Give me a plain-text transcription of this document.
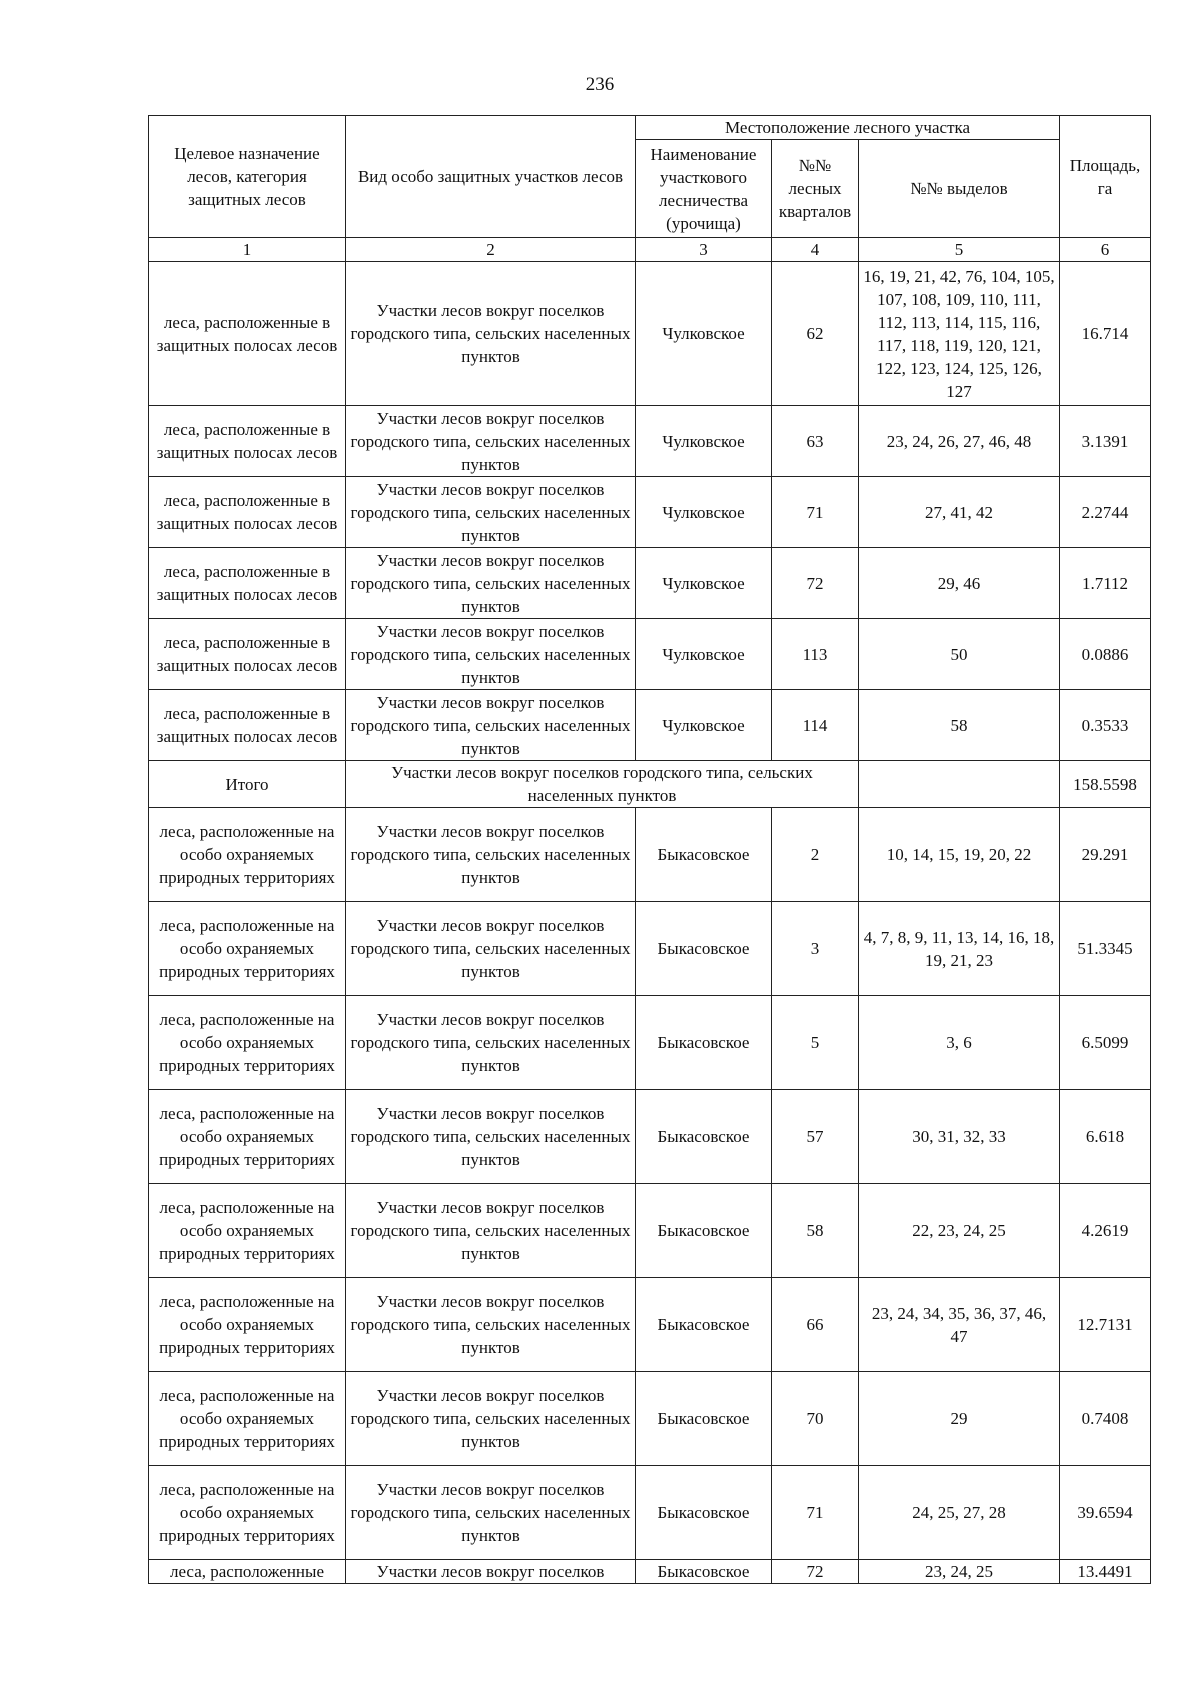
236
Целевое назначение лесов, категория защитных лесов	Вид особо защитных участков лесов	Местоположение лесного участка			Площадь, га
		Наименование участкового лесничества (урочища)	№№ лесных кварталов	№№ выделов	
1	2	3	4	5	6
леса, расположенные в защитных полосах лесов	Участки лесов вокруг поселков городского типа, сельских населенных пунктов	Чулковское	62	16, 19, 21, 42, 76, 104, 105, 107, 108, 109, 110, 111, 112, 113, 114, 115, 116, 117, 118, 119, 120, 121, 122, 123, 124, 125, 126, 127	16.714
леса, расположенные в защитных полосах лесов	Участки лесов вокруг поселков городского типа, сельских населенных пунктов	Чулковское	63	23, 24, 26, 27, 46, 48	3.1391
леса, расположенные в защитных полосах лесов	Участки лесов вокруг поселков городского типа, сельских населенных пунктов	Чулковское	71	27, 41, 42	2.2744
леса, расположенные в защитных полосах лесов	Участки лесов вокруг поселков городского типа, сельских населенных пунктов	Чулковское	72	29, 46	1.7112
леса, расположенные в защитных полосах лесов	Участки лесов вокруг поселков городского типа, сельских населенных пунктов	Чулковское	113	50	0.0886
леса, расположенные в защитных полосах лесов	Участки лесов вокруг поселков городского типа, сельских населенных пунктов	Чулковское	114	58	0.3533
Итого	Участки лесов вокруг поселков городского типа, сельских населенных пунктов				158.5598
леса, расположенные на особо охраняемых природных территориях	Участки лесов вокруг поселков городского типа, сельских населенных пунктов	Быкасовское	2	10, 14, 15, 19, 20, 22	29.291
леса, расположенные на особо охраняемых природных территориях	Участки лесов вокруг поселков городского типа, сельских населенных пунктов	Быкасовское	3	4, 7, 8, 9, 11, 13, 14, 16, 18, 19, 21, 23	51.3345
леса, расположенные на особо охраняемых природных территориях	Участки лесов вокруг поселков городского типа, сельских населенных пунктов	Быкасовское	5	3, 6	6.5099
леса, расположенные на особо охраняемых природных территориях	Участки лесов вокруг поселков городского типа, сельских населенных пунктов	Быкасовское	57	30, 31, 32, 33	6.618
леса, расположенные на особо охраняемых природных территориях	Участки лесов вокруг поселков городского типа, сельских населенных пунктов	Быкасовское	58	22, 23, 24, 25	4.2619
леса, расположенные на особо охраняемых природных территориях	Участки лесов вокруг поселков городского типа, сельских населенных пунктов	Быкасовское	66	23, 24, 34, 35, 36, 37, 46, 47	12.7131
леса, расположенные на особо охраняемых природных территориях	Участки лесов вокруг поселков городского типа, сельских населенных пунктов	Быкасовское	70	29	0.7408
леса, расположенные на особо охраняемых природных территориях	Участки лесов вокруг поселков городского типа, сельских населенных пунктов	Быкасовское	71	24, 25, 27, 28	39.6594
леса, расположенные	Участки лесов вокруг поселков	Быкасовское	72	23, 24, 25	13.4491
